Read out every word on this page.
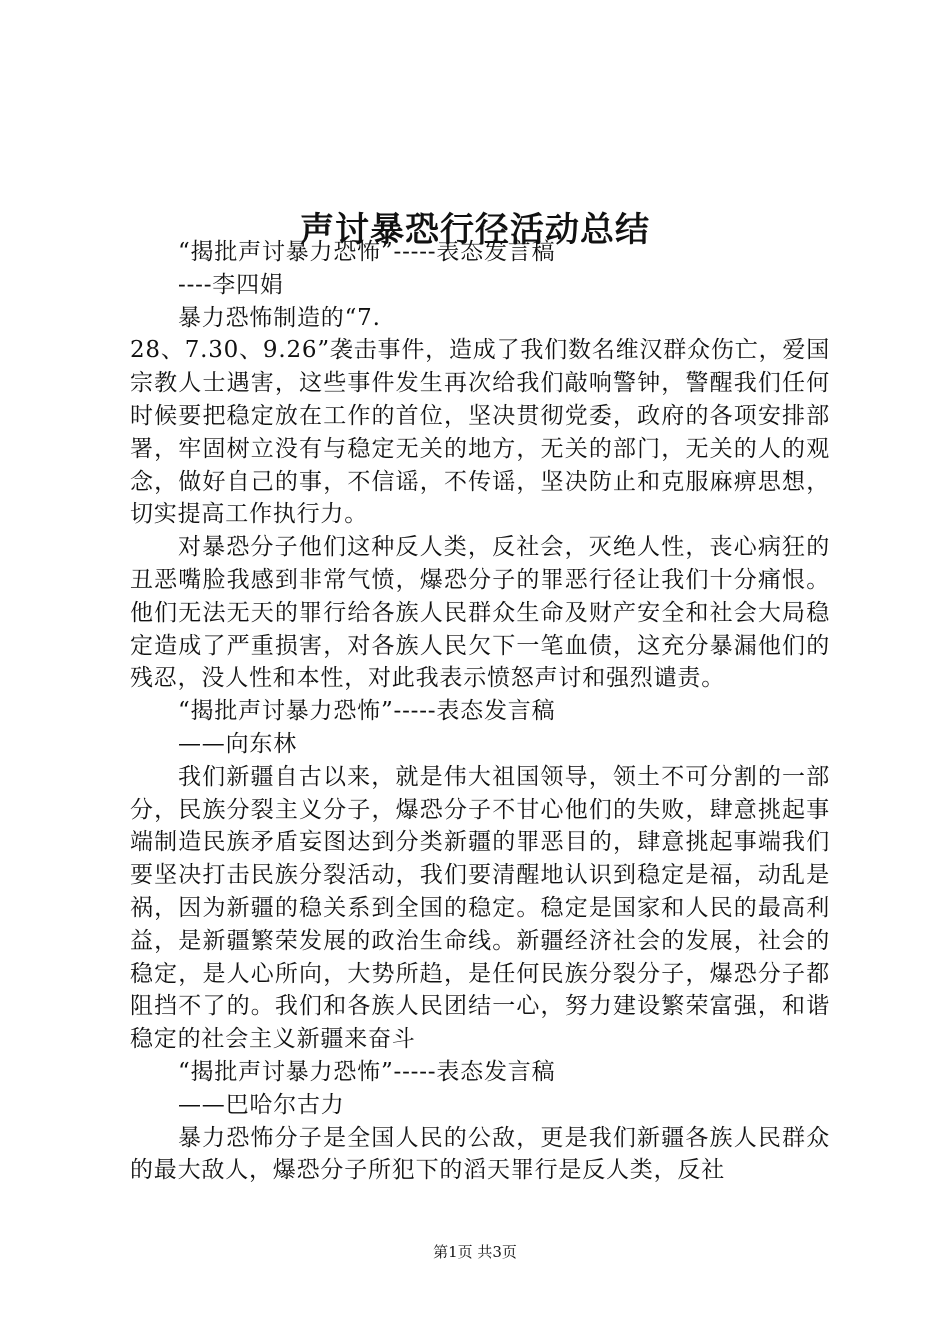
声讨暴恐行径活动总结

“揭批声讨暴力恐怖”-----表态发言稿

----李四娟

暴力恐怖制造的“7.

28、7.30、9.26”袭击事件，造成了我们数名维汉群众伤亡，爱国宗教人士遇害，这些事件发生再次给我们敲响警钟，警醒我们任何时候要把稳定放在工作的首位，坚决贯彻党委，政府的各项安排部署，牢固树立没有与稳定无关的地方，无关的部门，无关的人的观念，做好自己的事，不信谣，不传谣，坚决防止和克服麻痹思想，切实提高工作执行力。

对暴恐分子他们这种反人类，反社会，灭绝人性，丧心病狂的丑恶嘴脸我感到非常气愤，爆恐分子的罪恶行径让我们十分痛恨。他们无法无天的罪行给各族人民群众生命及财产安全和社会大局稳定造成了严重损害，对各族人民欠下一笔血债，这充分暴漏他们的残忍，没人性和本性，对此我表示愤怒声讨和强烈谴责。

“揭批声讨暴力恐怖”-----表态发言稿

——向东林

我们新疆自古以来，就是伟大祖国领导，领土不可分割的一部分，民族分裂主义分子，爆恐分子不甘心他们的失败，肆意挑起事端制造民族矛盾妄图达到分类新疆的罪恶目的，肆意挑起事端我们要坚决打击民族分裂活动，我们要清醒地认识到稳定是福，动乱是祸，因为新疆的稳关系到全国的稳定。稳定是国家和人民的最高利益，是新疆繁荣发展的政治生命线。新疆经济社会的发展，社会的稳定，是人心所向，大势所趋，是任何民族分裂分子，爆恐分子都阻挡不了的。我们和各族人民团结一心，努力建设繁荣富强，和谐稳定的社会主义新疆来奋斗

“揭批声讨暴力恐怖”-----表态发言稿

——巴哈尔古力

暴力恐怖分子是全国人民的公敌，更是我们新疆各族人民群众的最大敌人，爆恐分子所犯下的滔天罪行是反人类，反社

第1页 共3页
